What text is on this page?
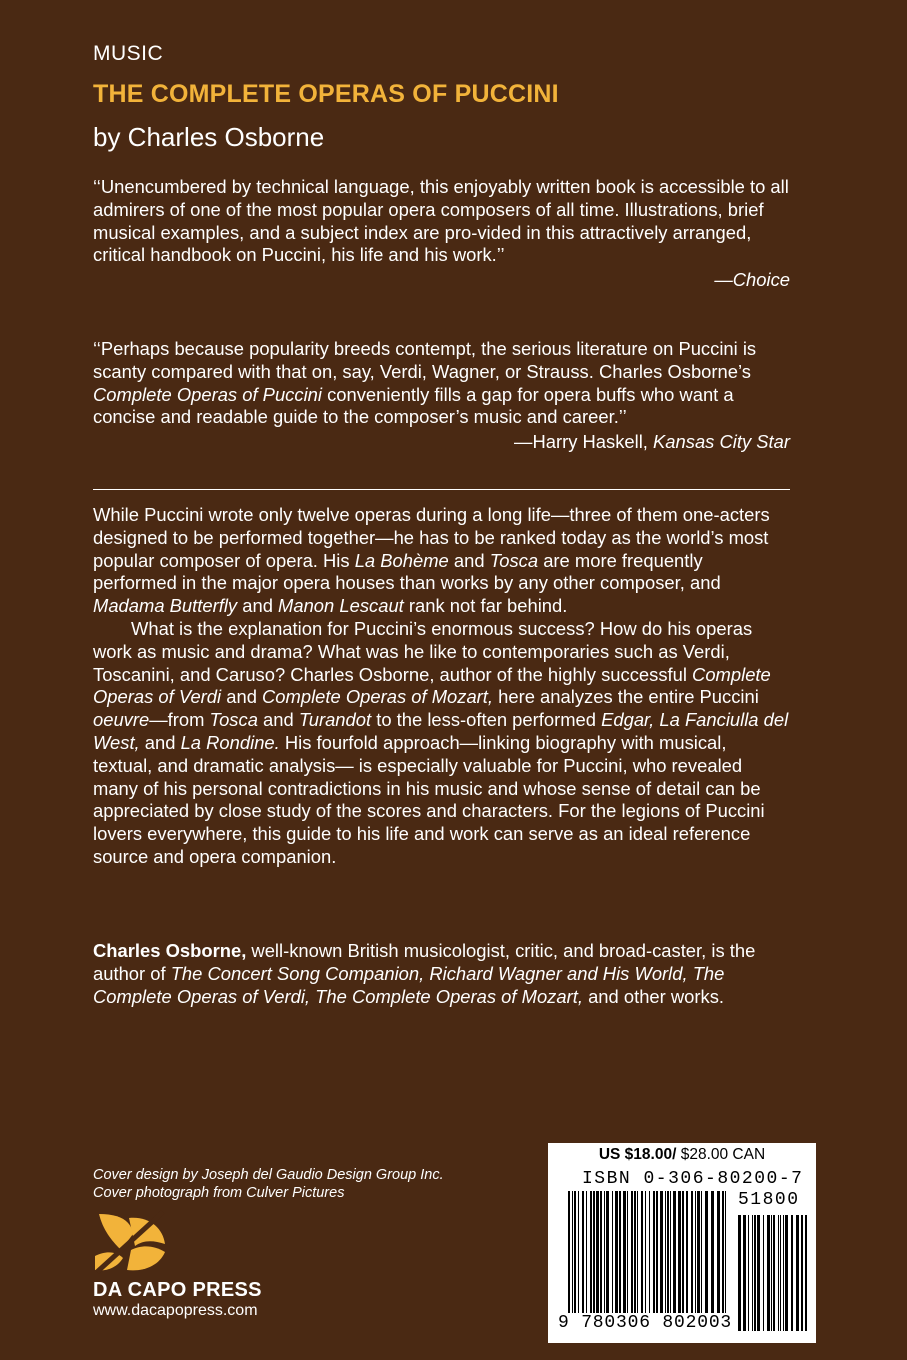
MUSIC
THE COMPLETE OPERAS OF PUCCINI
by Charles Osborne
‘‘Unencumbered by technical language, this enjoyably written book is accessible to all admirers of one of the most popular opera composers of all time. Illustrations, brief musical examples, and a subject index are pro-vided in this attractively arranged, critical handbook on Puccini, his life and his work.’’
—Choice
‘‘Perhaps because popularity breeds contempt, the serious literature on Puccini is scanty compared with that on, say, Verdi, Wagner, or Strauss. Charles Osborne’s Complete Operas of Puccini conveniently fills a gap for opera buffs who want a concise and readable guide to the composer’s music and career.’’
—Harry Haskell, Kansas City Star

While Puccini wrote only twelve operas during a long life—three of them one-acters designed to be performed together—he has to be ranked today as the world’s most popular composer of opera. His La Bohème and Tosca are more frequently performed in the major opera houses than works by any other composer, and Madama Butterfly and Manon Lescaut rank not far behind.

What is the explanation for Puccini’s enormous success? How do his operas work as music and drama? What was he like to contemporaries such as Verdi, Toscanini, and Caruso? Charles Osborne, author of the highly successful Complete Operas of Verdi and Complete Operas of Mozart, here analyzes the entire Puccini oeuvre—from Tosca and Turandot to the less-often performed Edgar, La Fanciulla del West, and La Rondine. His fourfold approach—linking biography with musical, textual, and dramatic analysis— is especially valuable for Puccini, who revealed many of his personal contradictions in his music and whose sense of detail can be appreciated by close study of the scores and characters. For the legions of Puccini lovers everywhere, this guide to his life and work can serve as an ideal reference source and opera companion.

Charles Osborne, well-known British musicologist, critic, and broad-caster, is the author of The Concert Song Companion, Richard Wagner and His World, The Complete Operas of Verdi, The Complete Operas of Mozart, and other works.
Cover design by Joseph del Gaudio Design Group Inc.
Cover photograph from Culver Pictures
DA CAPO PRESS
www.dacapopress.com
US $18.00/ $28.00 CAN
ISBN 0-306-80200-7
51800
9 780306 802003
